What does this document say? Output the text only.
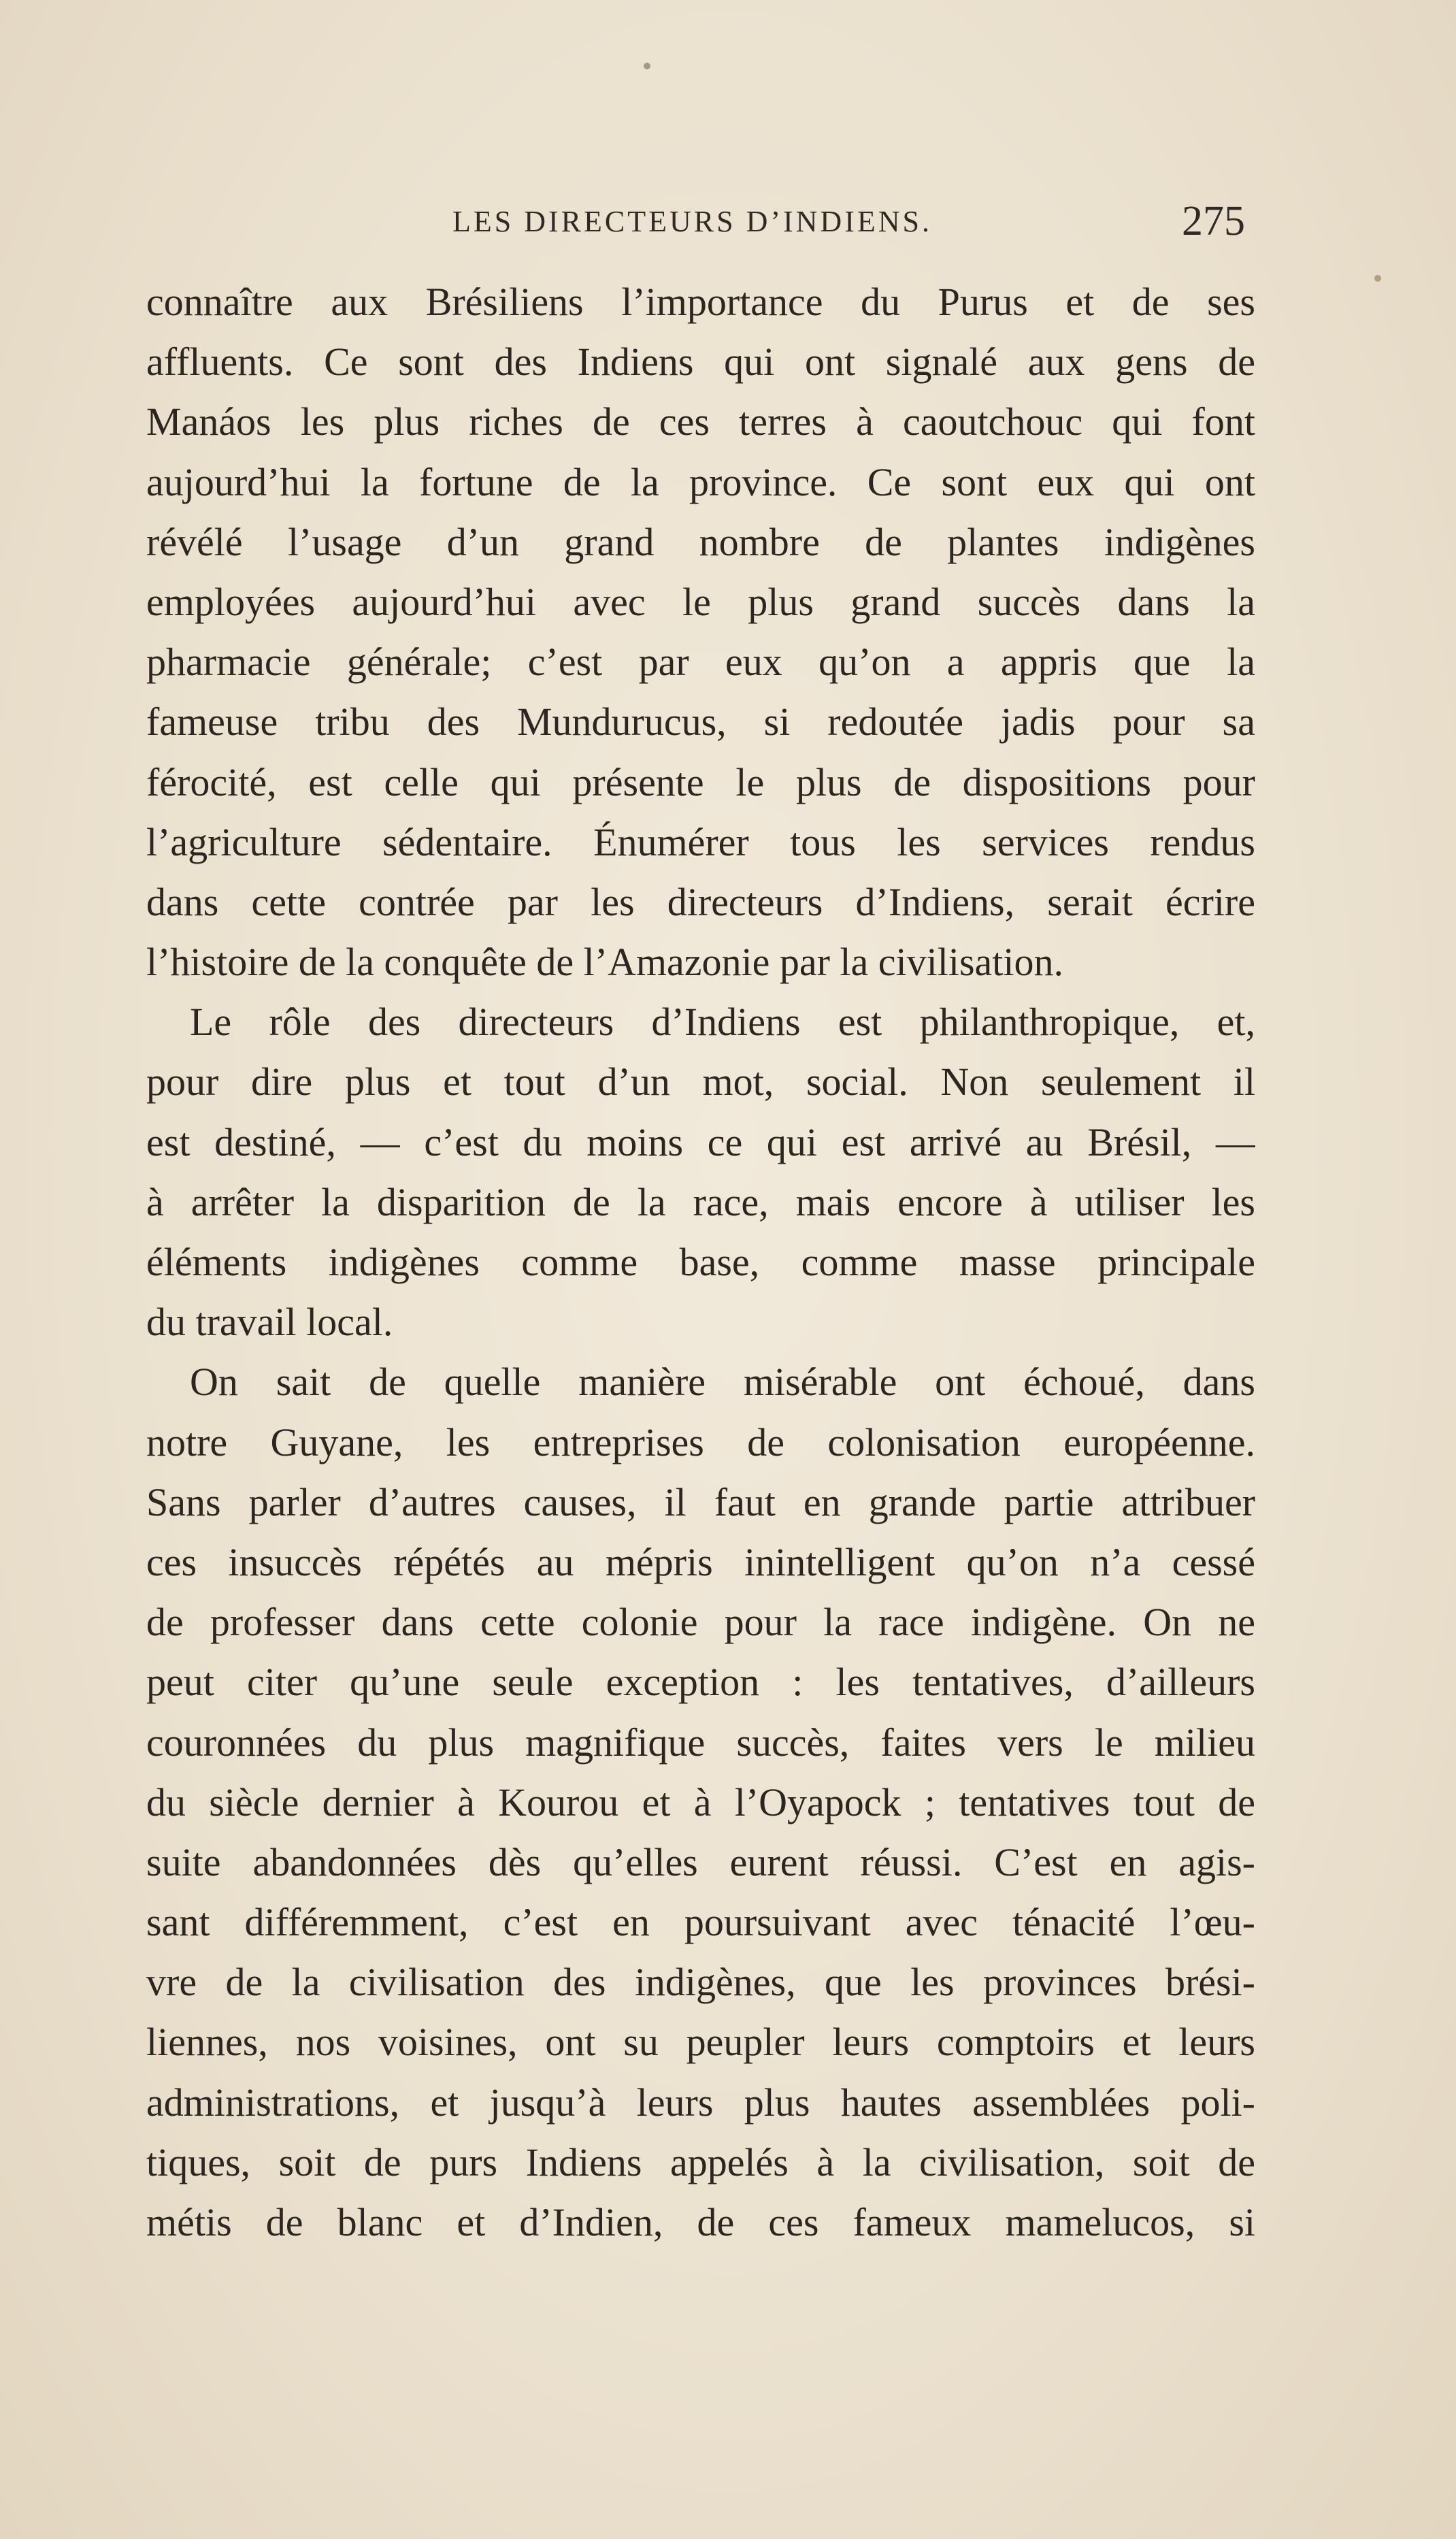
LES DIRECTEURS D’INDIENS.	275
connaître aux Brésiliens l’importance du Purus et de ses
affluents. Ce sont des Indiens qui ont signalé aux gens de
Manáos les plus riches de ces terres à caoutchouc qui font
aujourd’hui la fortune de la province. Ce sont eux qui ont
révélé l’usage d’un grand nombre de plantes indigènes
employées aujourd’hui avec le plus grand succès dans la
pharmacie générale; c’est par eux qu’on a appris que la
fameuse tribu des Mundurucus, si redoutée jadis pour sa
férocité, est celle qui présente le plus de dispositions pour
l’agriculture sédentaire. Énumérer tous les services rendus
dans cette contrée par les directeurs d’Indiens, serait écrire
l’histoire de la conquête de l’Amazonie par la civilisation.
Le rôle des directeurs d’Indiens est philanthropique, et,
pour dire plus et tout d’un mot, social. Non seulement il
est destiné, — c’est du moins ce qui est arrivé au Brésil, —
à arrêter la disparition de la race, mais encore à utiliser les
éléments indigènes comme base, comme masse principale
du travail local.
On sait de quelle manière misérable ont échoué, dans
notre Guyane, les entreprises de colonisation européenne.
Sans parler d’autres causes, il faut en grande partie attribuer
ces insuccès répétés au mépris inintelligent qu’on n’a cessé
de professer dans cette colonie pour la race indigène. On ne
peut citer qu’une seule exception : les tentatives, d’ailleurs
couronnées du plus magnifique succès, faites vers le milieu
du siècle dernier à Kourou et à l’Oyapock ; tentatives tout de
suite abandonnées dès qu’elles eurent réussi. C’est en agis-
sant différemment, c’est en poursuivant avec ténacité l’œu-
vre de la civilisation des indigènes, que les provinces brési-
liennes, nos voisines, ont su peupler leurs comptoirs et leurs
administrations, et jusqu’à leurs plus hautes assemblées poli-
tiques, soit de purs Indiens appelés à la civilisation, soit de
métis de blanc et d’Indien, de ces fameux mamelucos, si
